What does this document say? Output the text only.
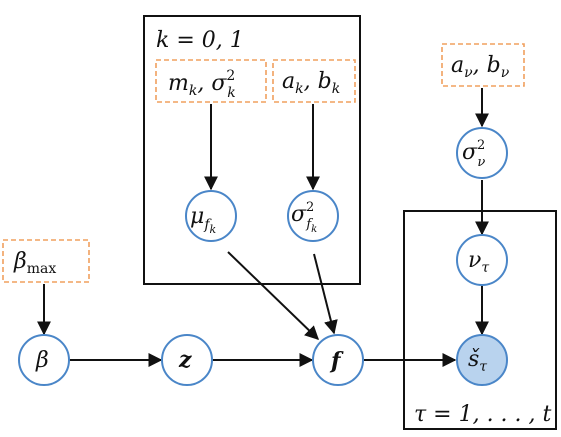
k = 0, 1
τ = 1, . . . , t
$m_k$, $\sigma^2$ k $a_k$, $b_k$
$a_\nu$, $b_\nu$
$\beta_{max}$
$\mu_fk$
$\sigma^2$ fk
$\sigma^2$ ν
$\nu_\tau$
$š_\tau$
β	z	f
